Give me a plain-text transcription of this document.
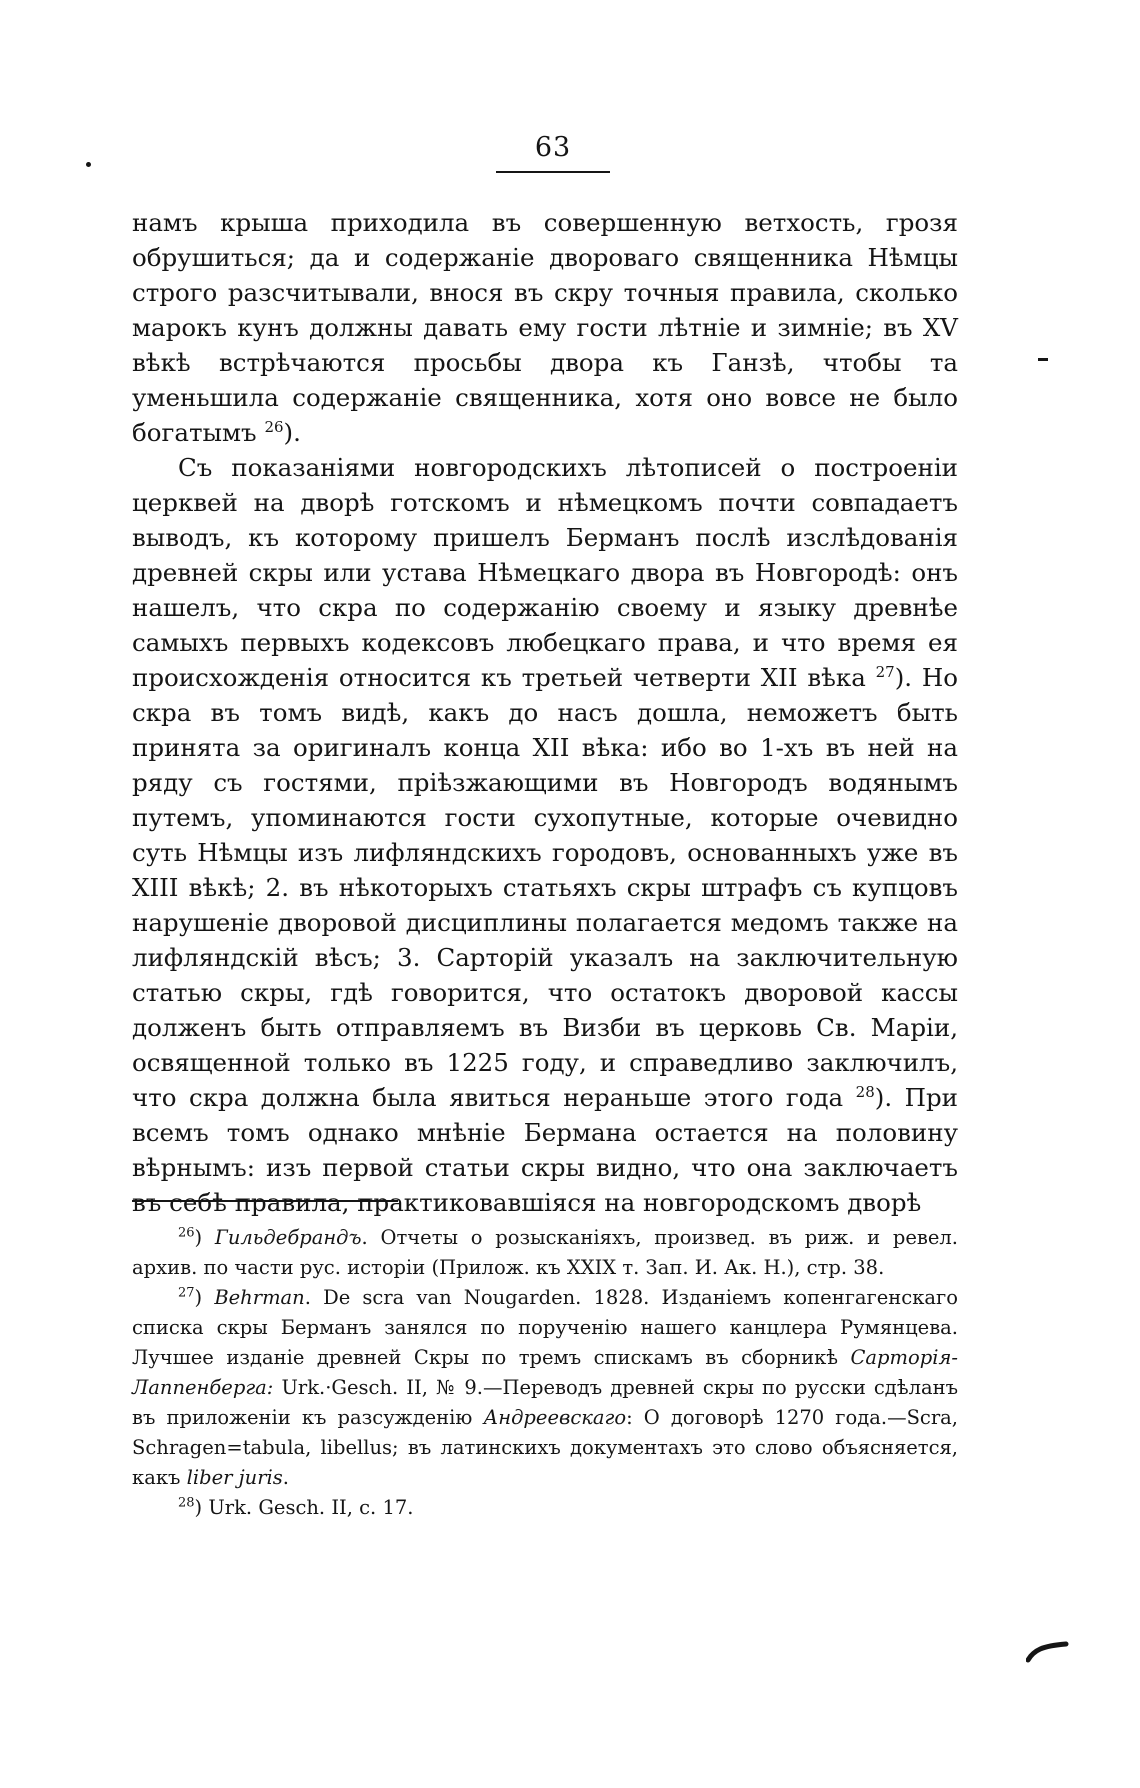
63

намъ крыша приходила въ совершенную ветхость, грозя обрушиться; да и содержаніе двороваго священника Нѣмцы строго разсчитывали, внося въ скру точныя правила, сколько марокъ кунъ должны давать ему гости лѣтніе и зимніе; въ XV вѣкѣ встрѣчаются просьбы двора къ Ганзѣ, чтобы та уменьшила содержаніе священника, хотя оно вовсе не было богатымъ $^{26}$).

Съ показаніями новгородскихъ лѣтописей о построеніи церквей на дворѣ готскомъ и нѣмецкомъ почти совпадаетъ выводъ, къ которому пришелъ Берманъ послѣ изслѣдованія древней скры или устава Нѣмецкаго двора въ Новгородѣ: онъ нашелъ, что скра по содержанію своему и языку древнѣе самыхъ первыхъ кодексовъ любецкаго права, и что время ея происхожденія относится къ третьей четверти XII вѣка $^{27}$). Но скра въ томъ видѣ, какъ до насъ дошла, неможетъ быть принята за оригиналъ конца XII вѣка: ибо во 1-хъ въ ней на ряду съ гостями, пріѣзжающими въ Новгородъ водянымъ путемъ, упоминаются гости сухопутные, которые очевидно суть Нѣмцы изъ лифляндскихъ городовъ, основанныхъ уже въ XIII вѣкѣ; 2. въ нѣкоторыхъ статьяхъ скры штрафъ съ купцовъ нарушеніе дворовой дисциплины полагается медомъ также на лифляндскій вѣсъ; 3. Сарторій указалъ на заключительную статью скры, гдѣ говорится, что остатокъ дворовой кассы долженъ быть отправляемъ въ Визби въ церковь Св. Маріи, освященной только въ 1225 году, и справедливо заключилъ, что скра должна была явиться нераньше этого года $^{28}$). При всемъ томъ однако мнѣніе Бермана остается на половину вѣрнымъ: изъ первой статьи скры видно, что она заключаетъ въ себѣ правила, практиковавшіяся на новгородскомъ дворѣ

$^{26}$) Гильдебрандъ. Отчеты о розысканіяхъ, произвед. въ риж. и ревел. архив. по части рус. исторіи (Прилож. къ XXIX т. Зап. И. Ак. Н.), стр. 38.

$^{27}$) Behrman. De scra van Nougarden. 1828. Изданіемъ копенгагенскаго списка скры Берманъ занялся по порученію нашего канцлера Румянцева. Лучшее изданіе древней Скры по тремъ спискамъ въ сборникѣ Сарторія-Лаппенберга: Urk.·Gesch. II, № 9.—Переводъ древней скры по русски сдѣланъ въ приложеніи къ разсужденію Андреевскаго: О договорѣ 1270 года.—Scra, Schragen=tabula, libellus; въ латинскихъ документахъ это слово объясняется, какъ liber juris.

$^{28}$) Urk. Gesch. II, c. 17.
